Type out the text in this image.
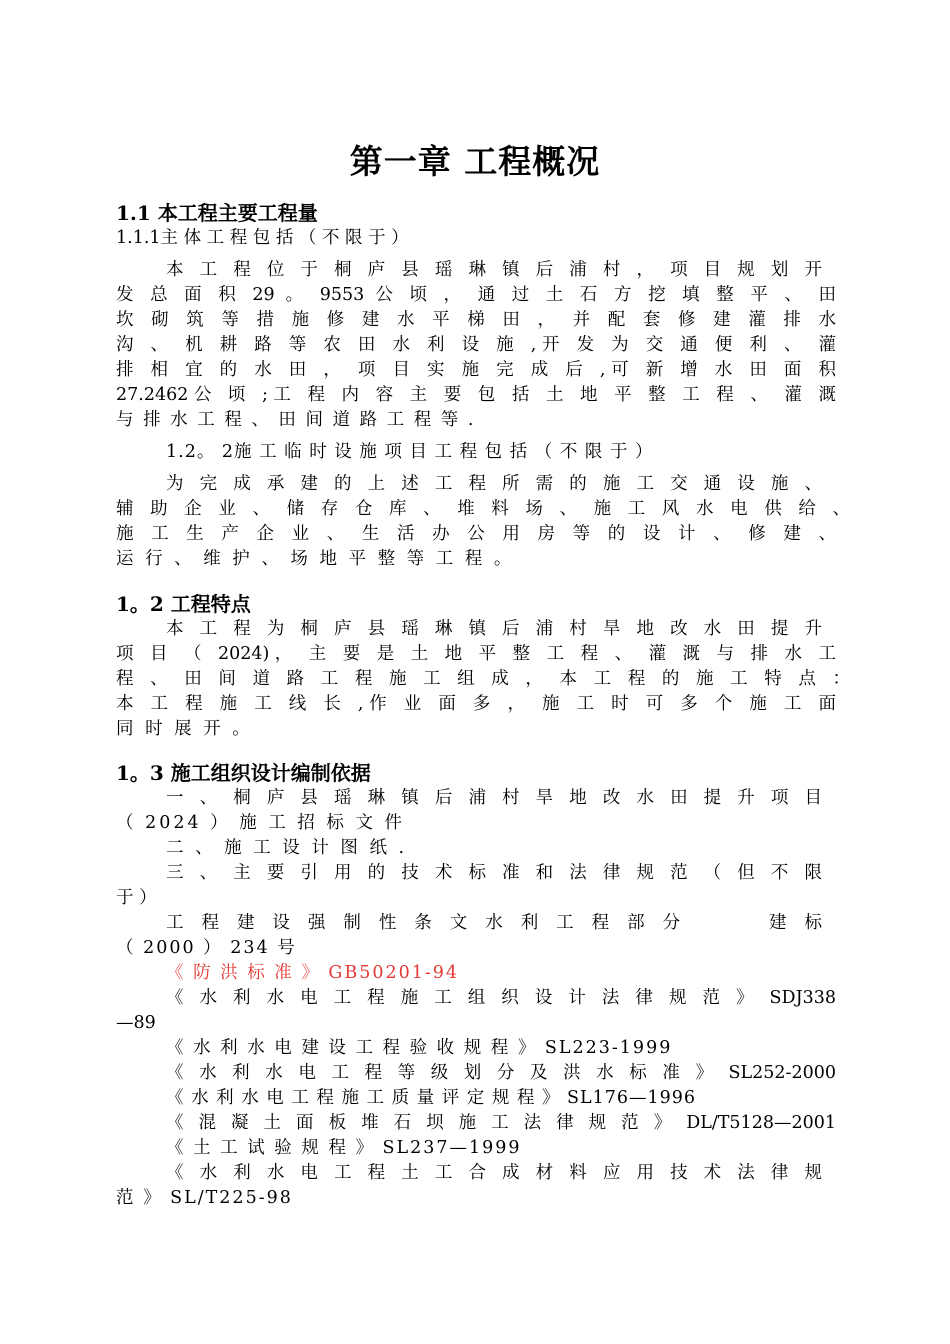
第一章 工程概况
1.1 本工程主要工程量
1.1.1主 体 工 程 包 括 （ 不 限 于 ）
本 工 程 位 于 桐 庐 县 瑶 琳 镇 后 浦 村 ， 项 目 规 划 开
发 总 面 积 29 。 9553 公 顷 ， 通 过 土 石 方 挖 填 整 平 、 田
坎 砌 筑 等 措 施 修 建 水 平 梯 田 ， 并 配 套 修 建 灌 排 水
沟 、 机 耕 路 等 农 田 水 利 设 施 ,开 发 为 交 通 便 利 、 灌
排 相 宜 的 水 田 ， 项 目 实 施 完 成 后 ,可 新 增 水 田 面 积
27.2462公 顷 ;工 程 内 容 主 要 包 括 土 地 平 整 工 程 、 灌 溉
与 排 水 工 程 、 田 间 道 路 工 程 等 .
1.2。 2施 工 临 时 设 施 项 目 工 程 包 括 （ 不 限 于 ）
为 完 成 承 建 的 上 述 工 程 所 需 的 施 工 交 通 设 施 、
辅 助 企 业 、 储 存 仓 库 、 堆 料 场 、 施 工 风 水 电 供 给 、
施 工 生 产 企 业 、 生 活 办 公 用 房 等 的 设 计 、 修 建 、
运 行 、 维 护 、 场 地 平 整 等 工 程 。
1。2 工程特点
本 工 程 为 桐 庐 县 瑶 琳 镇 后 浦 村 旱 地 改 水 田 提 升
项 目 （ 2024)， 主 要 是 土 地 平 整 工 程 、 灌 溉 与 排 水 工
程 、 田 间 道 路 工 程 施 工 组 成 ， 本 工 程 的 施 工 特 点 ：
本 工 程 施 工 线 长 ,作 业 面 多 ， 施 工 时 可 多 个 施 工 面
同 时 展 开 。
1。3 施工组织设计编制依据
一 、 桐 庐 县 瑶 琳 镇 后 浦 村 旱 地 改 水 田 提 升 项 目
（ 2024 ） 施 工 招 标 文 件
二 、 施 工 设 计 图 纸 .
三 、 主 要 引 用 的 技 术 标 准 和 法 律 规 范 （ 但 不 限
于 ）
工 程 建 设 强 制 性 条 文 水 利 工 程 部 分 　 　 建 标
（ 2000 ） 234 号
《 防 洪 标 准 》 GB50201-94
《 水 利 水 电 工 程 施 工 组 织 设 计 法 律 规 范 》 SDJ338
—89
《 水 利 水 电 建 设 工 程 验 收 规 程 》 SL223-1999
《 水 利 水 电 工 程 等 级 划 分 及 洪 水 标 准 》 SL252-2000
《 水 利 水 电 工 程 施 工 质 量 评 定 规 程 》 SL176—1996
《 混 凝 土 面 板 堆 石 坝 施 工 法 律 规 范 》 DL/T5128—2001
《 土 工 试 验 规 程 》 SL237—1999
《 水 利 水 电 工 程 土 工 合 成 材 料 应 用 技 术 法 律 规
范 》 SL/T225-98
